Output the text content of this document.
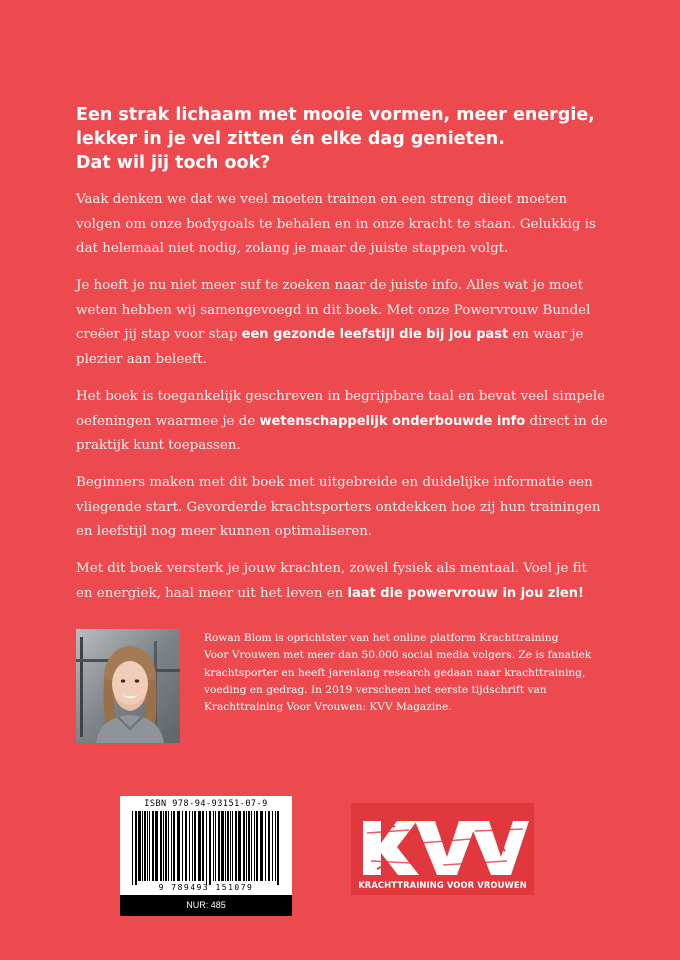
Een strak lichaam met mooie vormen, meer energie,
lekker in je vel zitten én elke dag genieten.
Dat wil jij toch ook?

Vaak denken we dat we veel moeten trainen en een streng dieet moeten
volgen om onze bodygoals te behalen en in onze kracht te staan. Gelukkig is
dat helemaal niet nodig, zolang je maar de juiste stappen volgt.

Je hoeft je nu niet meer suf te zoeken naar de juiste info. Alles wat je moet
weten hebben wij samengevoegd in dit boek. Met onze Powervrouw Bundel
creëer jij stap voor stap een gezonde leefstijl die bij jou past en waar je
plezier aan beleeft.

Het boek is toegankelijk geschreven in begrijpbare taal en bevat veel simpele
oefeningen waarmee je de wetenschappelijk onderbouwde info direct in de
praktijk kunt toepassen.

Beginners maken met dit boek met uitgebreide en duidelijke informatie een
vliegende start. Gevorderde krachtsporters ontdekken hoe zij hun trainingen
en leefstijl nog meer kunnen optimaliseren.

Met dit boek versterk je jouw krachten, zowel fysiek als mentaal. Voel je fit
en energiek, haal meer uit het leven en laat die powervrouw in jou zien!

Rowan Blom is oprichtster van het online platform Krachttraining
Voor Vrouwen met meer dan 50.000 social media volgers. Ze is fanatiek
krachtsporter en heeft jarenlang research gedaan naar krachttraining,
voeding en gedrag. In 2019 verscheen het eerste tijdschrift van
Krachttraining Voor Vrouwen: KVV Magazine.

ISBN 978-94-93151-07-9
9 789493 151079
NUR: 485
KRACHTTRAINING VOOR VROUWEN
